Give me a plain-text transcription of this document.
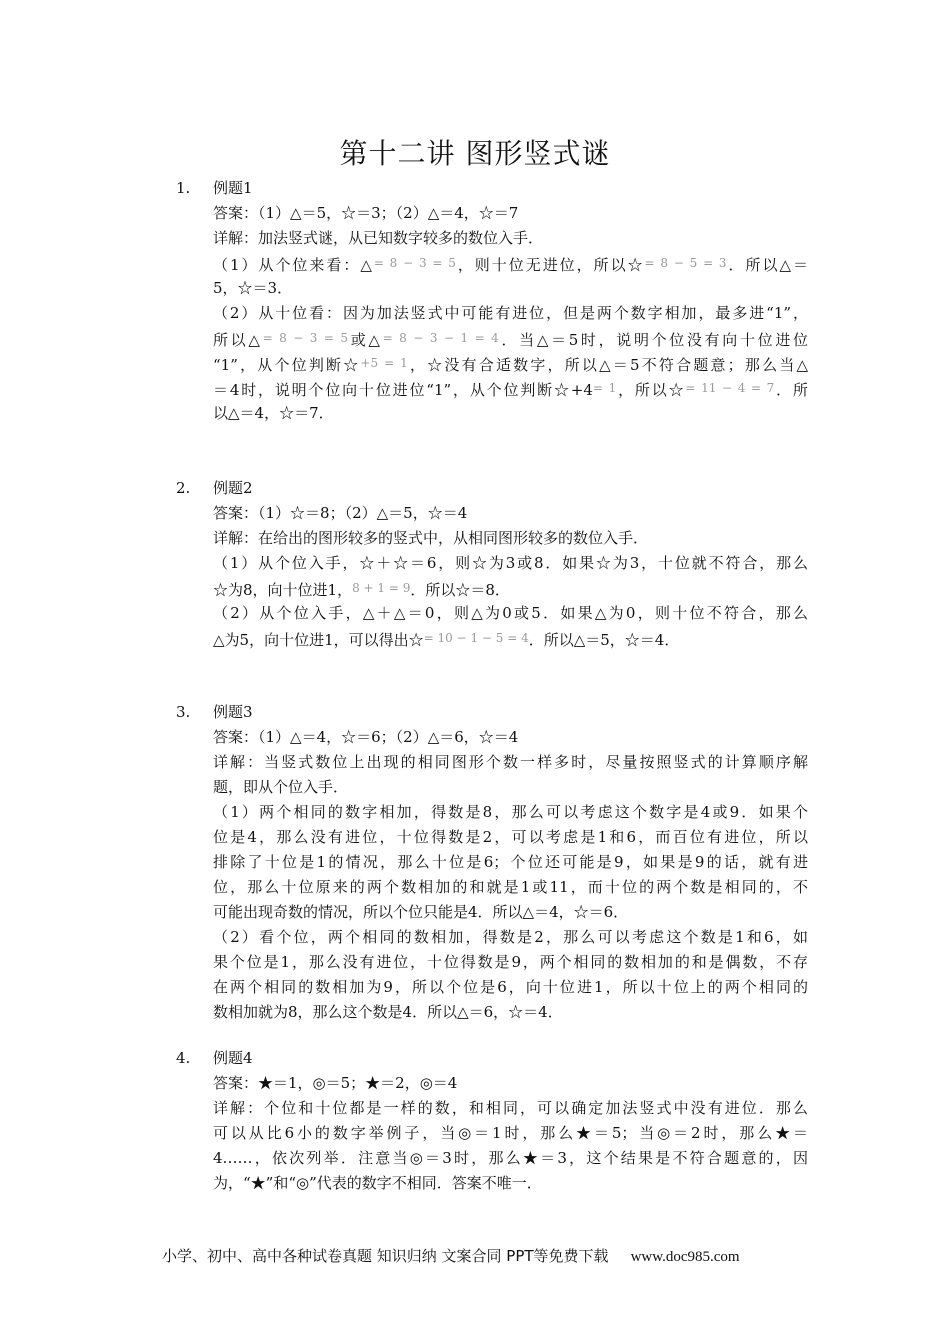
第十二讲 图形竖式谜
1. 例题1
答案：（1）△＝5，☆＝3；（2）△＝4，☆＝7
详解：加法竖式谜，从已知数字较多的数位入手．
（1）从个位来看：△$^{= 8 - 3 = 5}$，则十位无进位，所以☆$^{= 8 - 5 = 3}$．所以△＝
5，☆＝3．
（2）从十位看：因为加法竖式中可能有进位，但是两个数字相加，最多进“1”，
所以△$^{= 8 - 3 = 5}$或△$^{= 8 - 3 - 1 = 4}$．当△＝5时，说明个位没有向十位进位
“1”，从个位判断☆$^{+5 = 1}$，☆没有合适数字，所以△＝5不符合题意；那么当△
＝4时，说明个位向十位进位“1”，从个位判断$☆+4^{= 1}$，所以☆$^{= 11 - 4 = 7}$．所
以△＝4，☆＝7．
2. 例题2
答案：（1）☆＝8；（2）△＝5，☆＝4
详解：在给出的图形较多的竖式中，从相同图形较多的数位入手．
（1）从个位入手，☆＋☆＝6，则☆为3或8．如果☆为3，十位就不符合，那么
☆为8，向十位进1，$^{8 + 1 = 9}$．所以☆＝8．
（2）从个位入手，△＋△＝0，则△为0或5．如果△为0，则十位不符合，那么
△为5，向十位进1，可以得出☆$^{= 10 - 1 - 5 = 4}$．所以△＝5，☆＝4．
3. 例题3
答案：（1）△＝4，☆＝6；（2）△＝6，☆＝4
详解：当竖式数位上出现的相同图形个数一样多时，尽量按照竖式的计算顺序解
题，即从个位入手．
（1）两个相同的数字相加，得数是8，那么可以考虑这个数字是4或9．如果个
位是4，那么没有进位，十位得数是2，可以考虑是1和6，而百位有进位，所以
排除了十位是1的情况，那么十位是6；个位还可能是9，如果是9的话，就有进
位，那么十位原来的两个数相加的和就是1或11，而十位的两个数是相同的，不
可能出现奇数的情况，所以个位只能是4．所以△＝4，☆＝6．
（2）看个位，两个相同的数相加，得数是2，那么可以考虑这个数是1和6，如
果个位是1，那么没有进位，十位得数是9，两个相同的数相加的和是偶数，不存
在两个相同的数相加为9，所以个位是6，向十位进1，所以十位上的两个相同的
数相加就为8，那么这个数是4．所以△＝6，☆＝4．
4. 例题4
答案：★＝1，◎＝5；★＝2，◎＝4
详解：个位和十位都是一样的数，和相同，可以确定加法竖式中没有进位．那么
可以从比6小的数字举例子，当◎＝1时，那么★＝5；当◎＝2时，那么★＝
4……，依次列举．注意当◎＝3时，那么★＝3，这个结果是不符合题意的，因
为，“★”和“◎”代表的数字不相同．答案不唯一．
小学、初中、高中各种试卷真题 知识归纳 文案合同 PPT等免费下载 www.doc985.com
